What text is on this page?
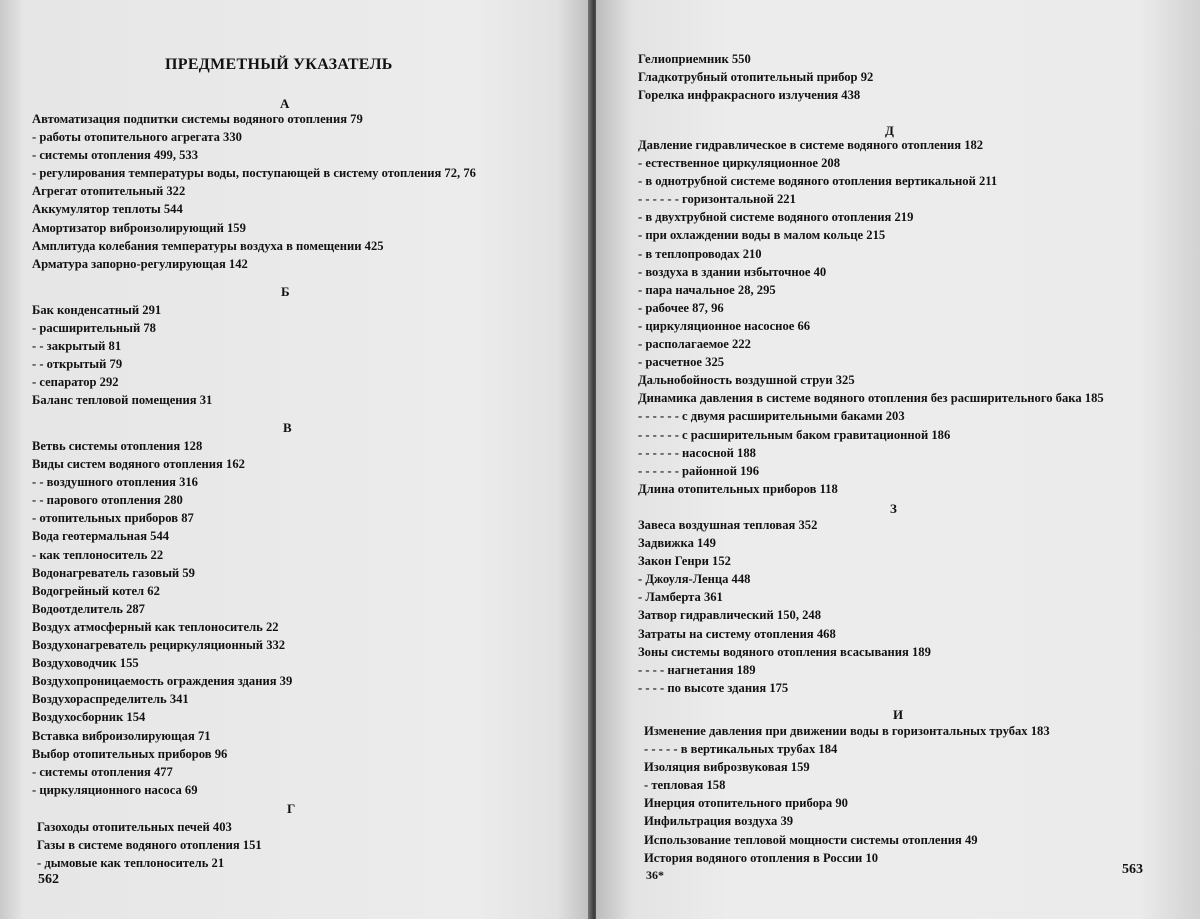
ПРЕДМЕТНЫЙ УКАЗАТЕЛЬ
А
Автоматизация подпитки системы водяного отопления 79
- работы отопительного агрегата 330
- системы отопления 499, 533
- регулирования температуры воды, поступающей в систему отопления 72, 76
Агрегат отопительный 322
Аккумулятор теплоты 544
Амортизатор виброизолирующий 159
Амплитуда колебания температуры воздуха в помещении 425
Арматура запорно-регулирующая 142
Б
Бак конденсатный 291
- расширительный 78
- - закрытый 81
- - открытый 79
- сепаратор 292
Баланс тепловой помещения 31
В
Ветвь системы отопления 128
Виды систем водяного отопления 162
- - воздушного отопления 316
- - парового отопления 280
- отопительных приборов 87
Вода геотермальная 544
- как теплоноситель 22
Водонагреватель газовый 59
Водогрейный котел 62
Водоотделитель 287
Воздух атмосферный как теплоноситель 22
Воздухонагреватель рециркуляционный 332
Воздуховодчик 155
Воздухопроницаемость ограждения здания 39
Воздухораспределитель 341
Воздухосборник 154
Вставка виброизолирующая 71
Выбор отопительных приборов 96
- системы отопления 477
- циркуляционного насоса 69
Г
Газоходы отопительных печей 403
Газы в системе водяного отопления 151
- дымовые как теплоноситель 21
562

Гелиоприемник 550
Гладкотрубный отопительный прибор 92
Горелка инфракрасного излучения 438
Д
Давление гидравлическое в системе водяного отопления 182
- естественное циркуляционное 208
- в однотрубной системе водяного отопления вертикальной 211
- - - - - - горизонтальной 221
- в двухтрубной системе водяного отопления 219
- при охлаждении воды в малом кольце 215
- в теплопроводах 210
- воздуха в здании избыточное 40
- пара начальное 28, 295
- рабочее 87, 96
- циркуляционное насосное 66
- располагаемое 222
- расчетное 325
Дальнобойность воздушной струи 325
Динамика давления в системе водяного отопления без расширительного бака 185
- - - - - - с двумя расширительными баками 203
- - - - - - с расширительным баком гравитационной 186
- - - - - - насосной 188
- - - - - - районной 196
Длина отопительных приборов 118
З
Завеса воздушная тепловая 352
Задвижка 149
Закон Генри 152
- Джоуля-Ленца 448
- Ламберта 361
Затвор гидравлический 150, 248
Затраты на систему отопления 468
Зоны системы водяного отопления всасывания 189
- - - - нагнетания 189
- - - - по высоте здания 175
И
Изменение давления при движении воды в горизонтальных трубах 183
- - - - - в вертикальных трубах 184
Изоляция виброзвуковая 159
- тепловая 158
Инерция отопительного прибора 90
Инфильтрация воздуха 39
Использование тепловой мощности системы отопления 49
История водяного отопления в России 10
36*	563
